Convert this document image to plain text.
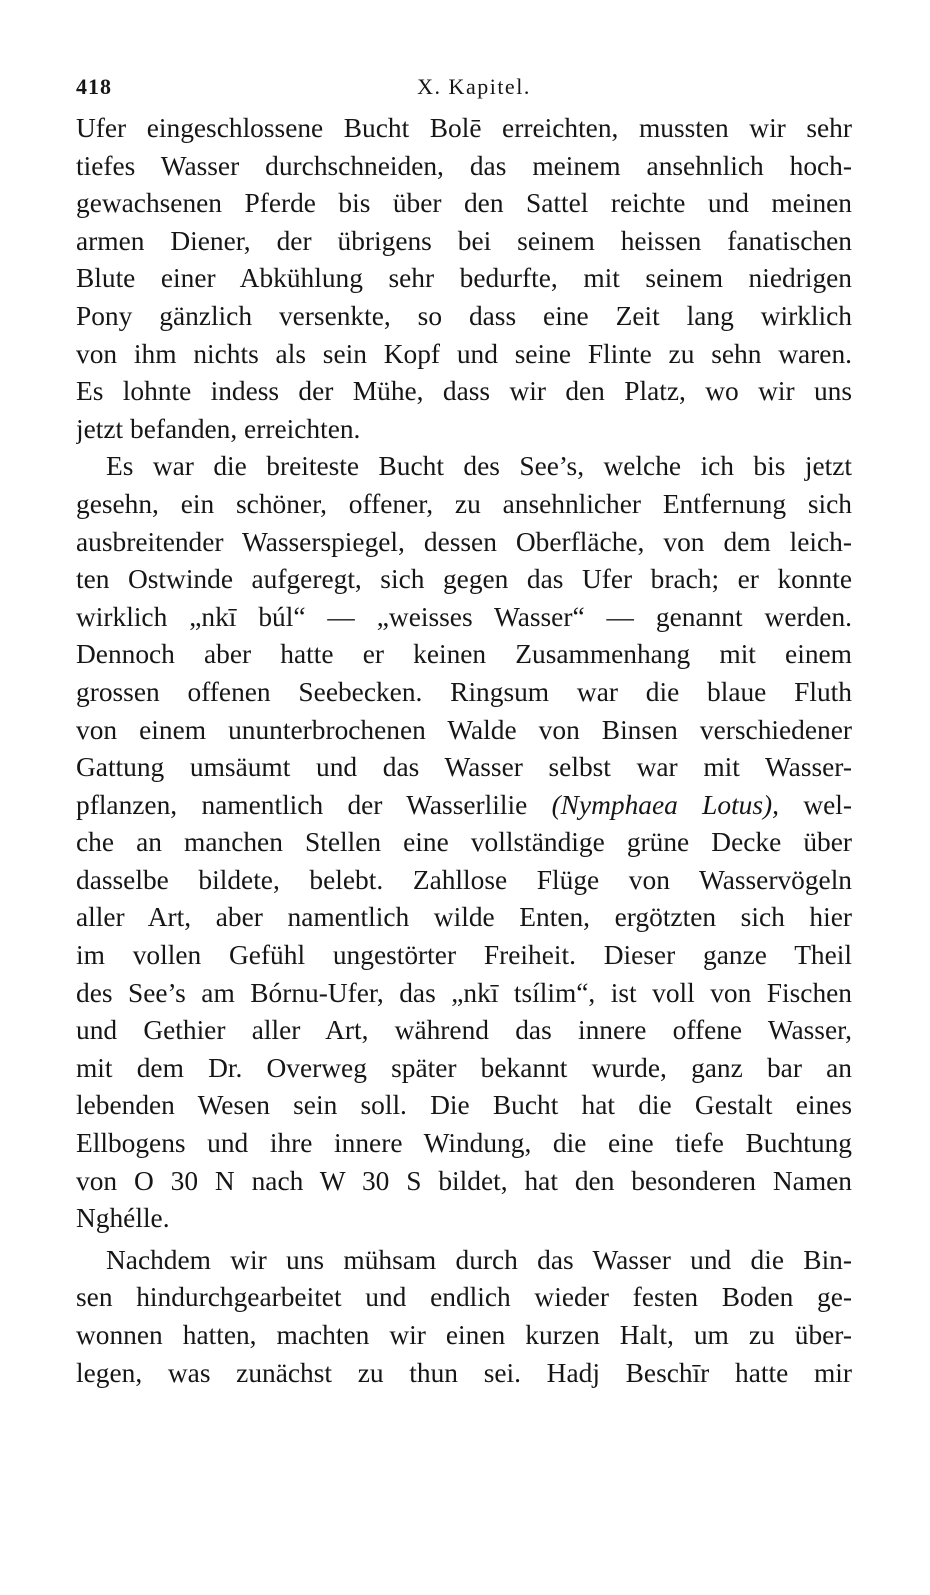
418	X. Kapitel.
Ufer eingeschlossene Bucht Bolē erreichten, mussten wir sehr
tiefes Wasser durchschneiden, das meinem ansehnlich hoch-
gewachsenen Pferde bis über den Sattel reichte und meinen
armen Diener, der übrigens bei seinem heissen fanatischen
Blute einer Abkühlung sehr bedurfte, mit seinem niedrigen
Pony gänzlich versenkte, so dass eine Zeit lang wirklich
von ihm nichts als sein Kopf und seine Flinte zu sehn waren.
Es lohnte indess der Mühe, dass wir den Platz, wo wir uns
jetzt befanden, erreichten.
Es war die breiteste Bucht des See’s, welche ich bis jetzt
gesehn, ein schöner, offener, zu ansehnlicher Entfernung sich
ausbreitender Wasserspiegel, dessen Oberfläche, von dem leich-
ten Ostwinde aufgeregt, sich gegen das Ufer brach; er konnte
wirklich „nkī búl“ — „weisses Wasser“ — genannt werden.
Dennoch aber hatte er keinen Zusammenhang mit einem
grossen offenen Seebecken. Ringsum war die blaue Fluth
von einem ununterbrochenen Walde von Binsen verschiedener
Gattung umsäumt und das Wasser selbst war mit Wasser-
pflanzen, namentlich der Wasserlilie (Nymphaea Lotus), wel-
che an manchen Stellen eine vollständige grüne Decke über
dasselbe bildete, belebt. Zahllose Flüge von Wasservögeln
aller Art, aber namentlich wilde Enten, ergötzten sich hier
im vollen Gefühl ungestörter Freiheit. Dieser ganze Theil
des See’s am Bórnu-Ufer, das „nkī tsílim“, ist voll von Fischen
und Gethier aller Art, während das innere offene Wasser,
mit dem Dr. Overweg später bekannt wurde, ganz bar an
lebenden Wesen sein soll. Die Bucht hat die Gestalt eines
Ellbogens und ihre innere Windung, die eine tiefe Buchtung
von O 30 N nach W 30 S bildet, hat den besonderen Namen
Nghélle.
Nachdem wir uns mühsam durch das Wasser und die Bin-
sen hindurchgearbeitet und endlich wieder festen Boden ge-
wonnen hatten, machten wir einen kurzen Halt, um zu über-
legen, was zunächst zu thun sei. Hadj Beschīr hatte mir
